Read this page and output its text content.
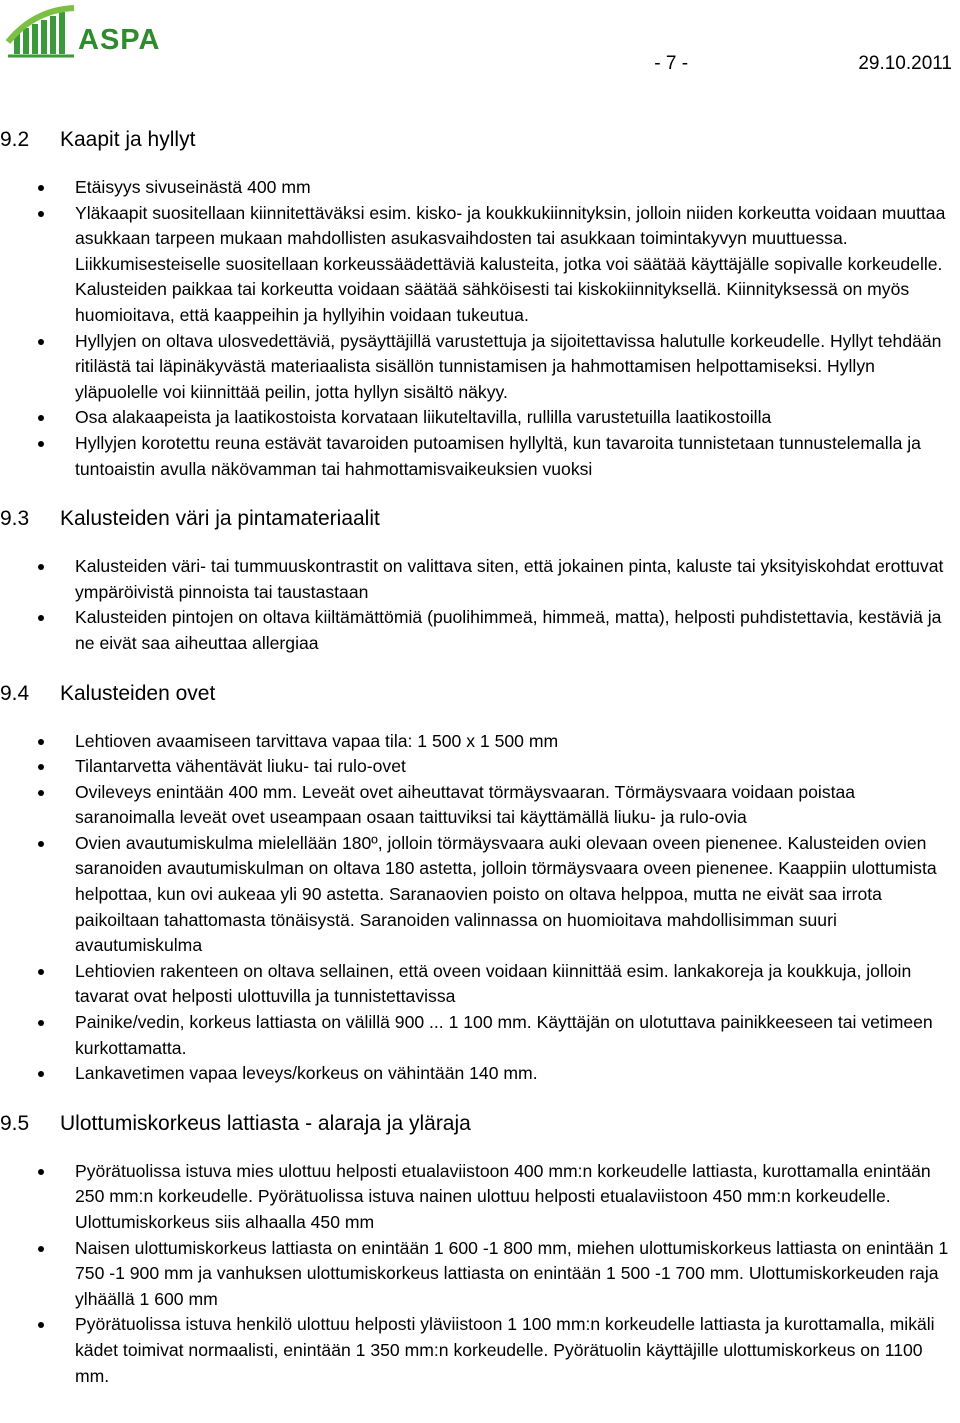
ASPA
- 7 -	29.10.2011
9.2	Kaapit ja hyllyt
Etäisyys sivuseinästä 400 mm
Yläkaapit suositellaan kiinnitettäväksi esim. kisko- ja koukkukiinnityksin, jolloin niiden korkeutta voidaan muuttaa asukkaan tarpeen mukaan mahdollisten asukasvaihdosten tai asukkaan toimintakyvyn muuttuessa. Liikkumisesteiselle suositellaan korkeussäädettäviä kalusteita, jotka voi säätää käyttäjälle sopivalle korkeudelle. Kalusteiden paikkaa tai korkeutta voidaan säätää sähköisesti tai kiskokiinnityksellä. Kiinnityksessä on myös huomioitava, että kaappeihin ja hyllyihin voidaan tukeutua.
Hyllyjen on oltava ulosvedettäviä, pysäyttäjillä varustettuja ja sijoitettavissa halutulle korkeudelle. Hyllyt tehdään ritilästä tai läpinäkyvästä materiaalista sisällön tunnistamisen ja hahmottamisen helpottamiseksi. Hyllyn yläpuolelle voi kiinnittää peilin, jotta hyllyn sisältö näkyy.
Osa alakaapeista ja laatikostoista korvataan liikuteltavilla, rullilla varustetuilla laatikostoilla
Hyllyjen korotettu reuna estävät tavaroiden putoamisen hyllyltä, kun tavaroita tunnistetaan tunnustelemalla ja tuntoaistin avulla näkövamman tai hahmottamisvaikeuksien vuoksi
9.3	Kalusteiden väri ja pintamateriaalit
Kalusteiden väri- tai tummuuskontrastit on valittava siten, että jokainen pinta, kaluste tai yksityiskohdat erottuvat ympäröivistä pinnoista tai taustastaan
Kalusteiden pintojen on oltava kiiltämättömiä (puolihimmeä, himmeä, matta), helposti puhdistettavia, kestäviä ja ne eivät saa aiheuttaa allergiaa
9.4	Kalusteiden ovet
Lehtioven avaamiseen tarvittava vapaa tila: 1 500 x 1 500 mm
Tilantarvetta vähentävät liuku- tai rulo-ovet
Ovileveys enintään 400 mm. Leveät ovet aiheuttavat törmäysvaaran. Törmäysvaara voidaan poistaa saranoimalla leveät ovet useampaan osaan taittuviksi tai käyttämällä liuku- ja rulo-ovia
Ovien avautumiskulma mielellään 180º, jolloin törmäysvaara auki olevaan oveen pienenee. Kalusteiden ovien saranoiden avautumiskulman on oltava 180 astetta, jolloin törmäysvaara oveen pienenee. Kaappiin ulottumista helpottaa, kun ovi aukeaa yli 90 astetta. Saranaovien poisto on oltava helppoa, mutta ne eivät saa irrota paikoiltaan tahattomasta tönäisystä. Saranoiden valinnassa on huomioitava mahdollisimman suuri avautumiskulma
Lehtiovien rakenteen on oltava sellainen, että oveen voidaan kiinnittää esim. lankakoreja ja koukkuja, jolloin tavarat ovat helposti ulottuvilla ja tunnistettavissa
Painike/vedin, korkeus lattiasta on välillä 900 ... 1 100 mm. Käyttäjän on ulotuttava painikkeeseen tai vetimeen kurkottamatta.
Lankavetimen vapaa leveys/korkeus on vähintään 140 mm.
9.5	Ulottumiskorkeus lattiasta - alaraja ja yläraja
Pyörätuolissa istuva mies ulottuu helposti etualaviistoon 400 mm:n korkeudelle lattiasta, kurottamalla enintään 250 mm:n korkeudelle. Pyörätuolissa istuva nainen ulottuu helposti etualaviistoon 450 mm:n korkeudelle. Ulottumiskorkeus siis alhaalla 450 mm
Naisen ulottumiskorkeus lattiasta on enintään 1 600 -1 800 mm, miehen ulottumiskorkeus lattiasta on enintään 1 750 -1 900 mm ja vanhuksen ulottumiskorkeus lattiasta on enintään 1 500 -1 700 mm. Ulottumiskorkeuden raja ylhäällä 1 600 mm
Pyörätuolissa istuva henkilö ulottuu helposti yläviistoon 1 100 mm:n korkeudelle lattiasta ja kurottamalla, mikäli kädet toimivat normaalisti, enintään 1 350 mm:n korkeudelle. Pyörätuolin käyttäjille ulottumiskorkeus on 1100 mm.
